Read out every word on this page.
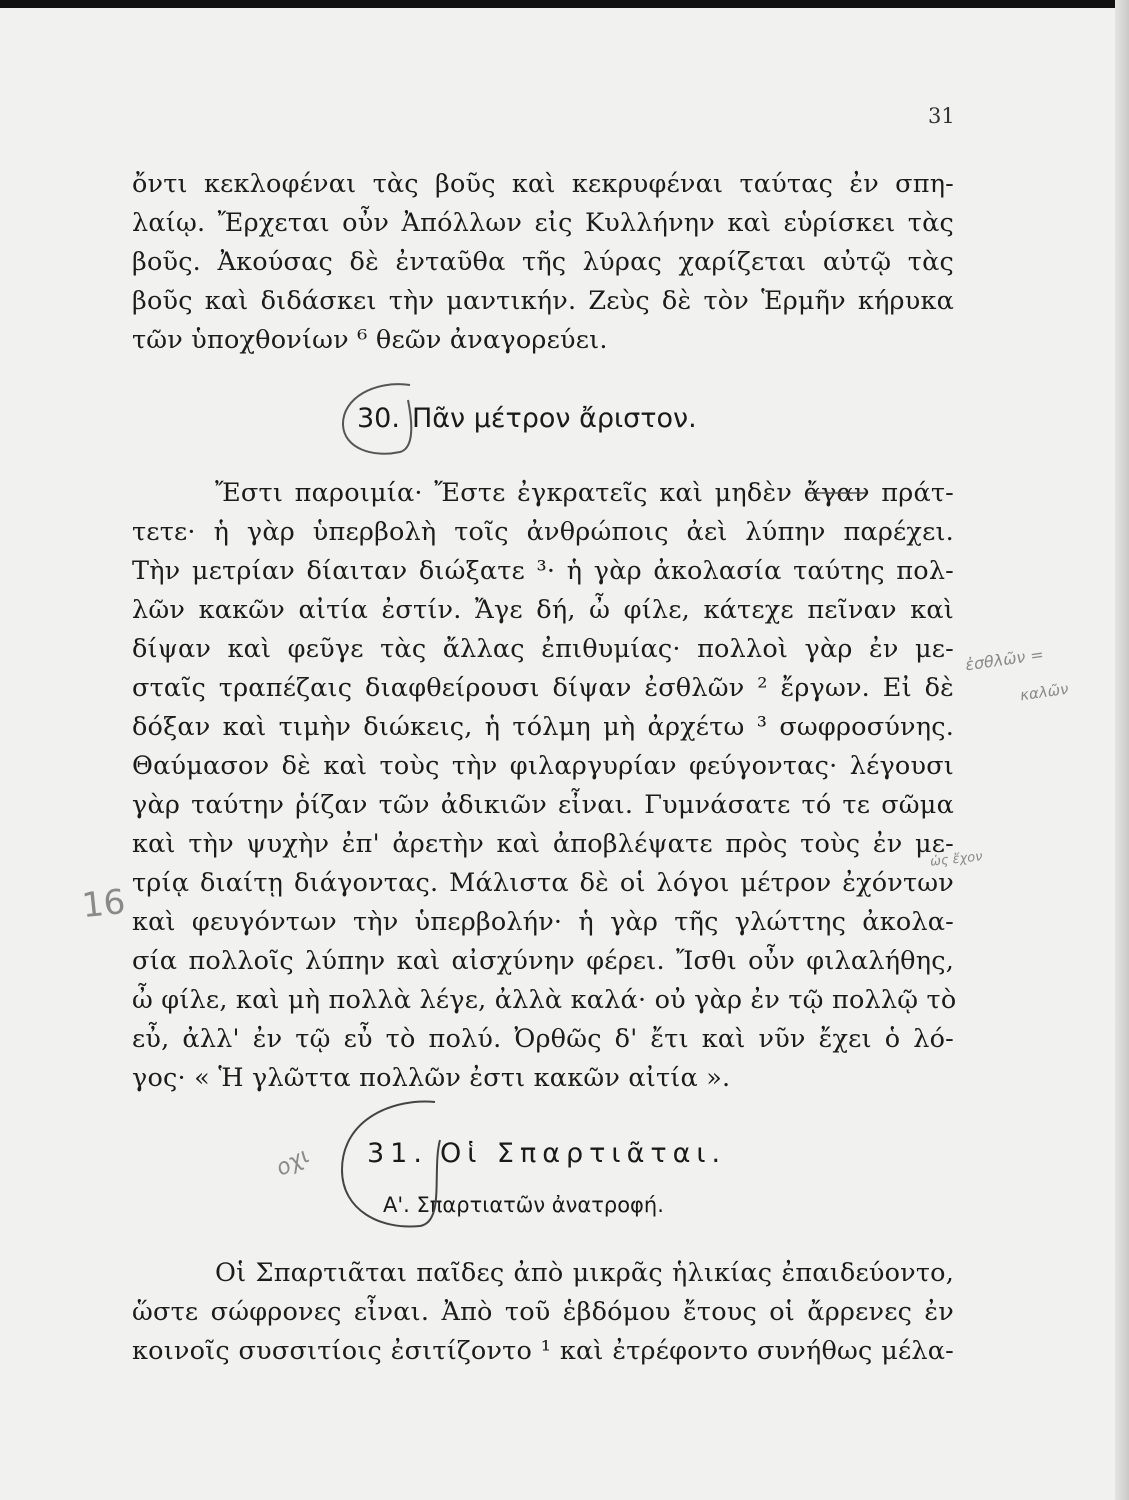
31
ὄντι κεκλοφέναι τὰς βοῦς καὶ κεκρυφέναι ταύτας ἐν σπη-
λαίῳ. Ἔρχεται οὖν Ἀπόλλων εἰς Κυλλήνην καὶ εὑρίσκει τὰς
βοῦς. Ἀκούσας δὲ ἐνταῦθα τῆς λύρας χαρίζεται αὐτῷ τὰς
βοῦς καὶ διδάσκει τὴν μαντικήν. Ζεὺς δὲ τὸν Ἑρμῆν κήρυκα
τῶν ὑποχθονίων ⁶ θεῶν ἀναγορεύει.
30. Πᾶν μέτρον ἄριστον.
Ἔστι παροιμία· Ἔστε ἐγκρατεῖς καὶ μηδὲν ἄγαν πράτ-
τετε· ἡ γὰρ ὑπερβολὴ τοῖς ἀνθρώποις ἀεὶ λύπην παρέχει.
Τὴν μετρίαν δίαιταν διώξατε ³· ἡ γὰρ ἀκολασία ταύτης πολ-
λῶν κακῶν αἰτία ἐστίν. Ἄγε δή, ὦ φίλε, κάτεχε πεῖναν καὶ
δίψαν καὶ φεῦγε τὰς ἄλλας ἐπιθυμίας· πολλοὶ γὰρ ἐν με-
σταῖς τραπέζαις διαφθείρουσι δίψαν ἐσθλῶν ² ἔργων. Εἰ δὲ
δόξαν καὶ τιμὴν διώκεις, ἡ τόλμη μὴ ἀρχέτω ³ σωφροσύνης.
Θαύμασον δὲ καὶ τοὺς τὴν φιλαργυρίαν φεύγοντας· λέγουσι
γὰρ ταύτην ῥίζαν τῶν ἀδικιῶν εἶναι. Γυμνάσατε τό τε σῶμα
καὶ τὴν ψυχὴν ἐπ' ἀρετὴν καὶ ἀποβλέψατε πρὸς τοὺς ἐν με-
τρίᾳ διαίτῃ διάγοντας. Μάλιστα δὲ οἱ λόγοι μέτρον ἐχόντων
καὶ φευγόντων τὴν ὑπερβολήν· ἡ γὰρ τῆς γλώττης ἀκολα-
σία πολλοῖς λύπην καὶ αἰσχύνην φέρει. Ἴσθι οὖν φιλαλήθης,
ὦ φίλε, καὶ μὴ πολλὰ λέγε, ἀλλὰ καλά· οὐ γὰρ ἐν τῷ πολλῷ τὸ
εὖ, ἀλλ' ἐν τῷ εὖ τὸ πολύ. Ὀρθῶς δ' ἔτι καὶ νῦν ἔχει ὁ λό-
γος· « Ἡ γλῶττα πολλῶν ἐστι κακῶν αἰτία ».
31. Οἱ Σπαρτιᾶται.
Α'. Σπαρτιατῶν ἀνατροφή.
Οἱ Σπαρτιᾶται παῖδες ἀπὸ μικρᾶς ἡλικίας ἐπαιδεύοντο,
ὥστε σώφρονες εἶναι. Ἀπὸ τοῦ ἑβδόμου ἔτους οἱ ἄρρενες ἐν
κοινοῖς συσσιτίοις ἐσιτίζοντο ¹ καὶ ἐτρέφοντο συνήθως μέλα-
ἐσθλῶν =
καλῶν
ὡς ἔχον
16
οχι
